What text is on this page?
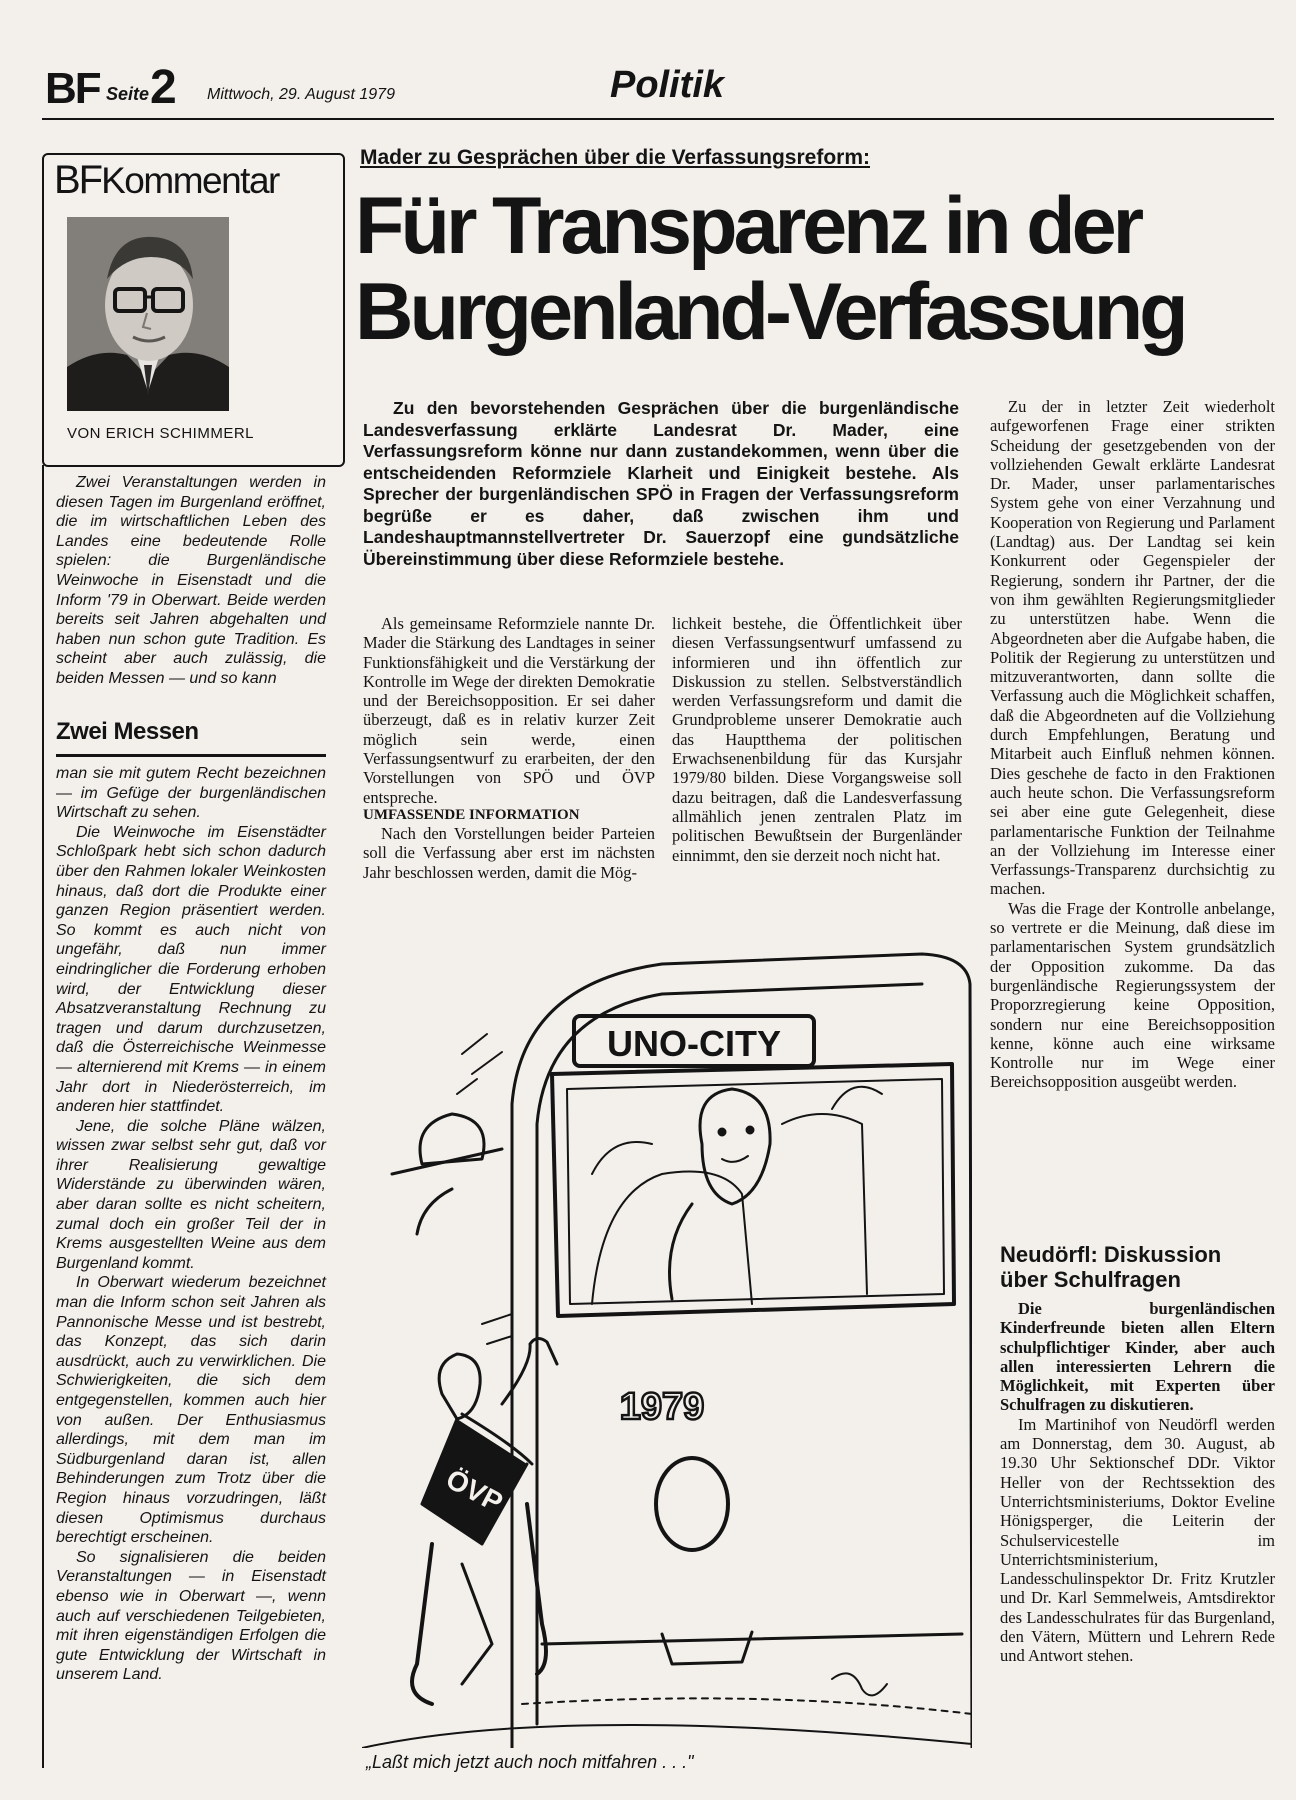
BF Seite 2 Mittwoch, 29. August 1979	Politik
BFKommentar
VON ERICH SCHIMMERL

Zwei Veranstaltungen werden in diesen Tagen im Burgenland eröffnet, die im wirtschaftlichen Leben des Landes eine bedeutende Rolle spielen: die Burgenländische Weinwoche in Eisenstadt und die Inform '79 in Oberwart. Beide werden bereits seit Jahren abgehalten und haben nun schon gute Tradition. Es scheint aber auch zulässig, die beiden Messen — und so kann

Zwei Messen

man sie mit gutem Recht bezeichnen — im Gefüge der burgenländischen Wirtschaft zu sehen.

Die Weinwoche im Eisenstädter Schloßpark hebt sich schon dadurch über den Rahmen lokaler Weinkosten hinaus, daß dort die Produkte einer ganzen Region präsentiert werden. So kommt es auch nicht von ungefähr, daß nun immer eindringlicher die Forderung erhoben wird, der Entwicklung dieser Absatzveranstaltung Rechnung zu tragen und darum durchzusetzen, daß die Österreichische Weinmesse — alternierend mit Krems — in einem Jahr dort in Niederösterreich, im anderen hier stattfindet.

Jene, die solche Pläne wälzen, wissen zwar selbst sehr gut, daß vor ihrer Realisierung gewaltige Widerstände zu überwinden wären, aber daran sollte es nicht scheitern, zumal doch ein großer Teil der in Krems ausgestellten Weine aus dem Burgenland kommt.

In Oberwart wiederum bezeichnet man die Inform schon seit Jahren als Pannonische Messe und ist bestrebt, das Konzept, das sich darin ausdrückt, auch zu verwirklichen. Die Schwierigkeiten, die sich dem entgegenstellen, kommen auch hier von außen. Der Enthusiasmus allerdings, mit dem man im Südburgenland daran ist, allen Behinderungen zum Trotz über die Region hinaus vorzudringen, läßt diesen Optimismus durchaus berechtigt erscheinen.

So signalisieren die beiden Veranstaltungen — in Eisenstadt ebenso wie in Oberwart —, wenn auch auf verschiedenen Teilgebieten, mit ihren eigenständigen Erfolgen die gute Entwicklung der Wirtschaft in unserem Land.

Mader zu Gesprächen über die Verfassungsreform:
Für Transparenz in der
Burgenland-Verfassung

Zu den bevorstehenden Gesprächen über die burgenländische Landesverfassung erklärte Landesrat Dr. Mader, eine Verfassungsreform könne nur dann zustandekommen, wenn über die entscheidenden Reformziele Klarheit und Einigkeit bestehe. Als Sprecher der burgenländischen SPÖ in Fragen der Verfassungsreform begrüße er es daher, daß zwischen ihm und Landeshauptmannstellvertreter Dr. Sauerzopf eine gundsätzliche Übereinstimmung über diese Reformziele bestehe.

Als gemeinsame Reformziele nannte Dr. Mader die Stärkung des Landtages in seiner Funktionsfähigkeit und die Verstärkung der Kontrolle im Wege der direkten Demokratie und der Bereichsopposition. Er sei daher überzeugt, daß es in relativ kurzer Zeit möglich sein werde, einen Verfassungsentwurf zu erarbeiten, der den Vorstellungen von SPÖ und ÖVP entspreche.

UMFASSENDE INFORMATION

Nach den Vorstellungen beider Parteien soll die Verfassung aber erst im nächsten Jahr beschlossen werden, damit die Mög-

lichkeit bestehe, die Öffentlichkeit über diesen Verfassungsentwurf umfassend zu informieren und ihn öffentlich zur Diskussion zu stellen. Selbstverständlich werden Verfassungsreform und damit die Grundprobleme unserer Demokratie auch das Hauptthema der politischen Erwachsenenbildung für das Kursjahr 1979/80 bilden. Diese Vorgangsweise soll dazu beitragen, daß die Landesverfassung allmählich jenen zentralen Platz im politischen Bewußtsein der Burgenländer einnimmt, den sie derzeit noch nicht hat.

Zu der in letzter Zeit wiederholt aufgeworfenen Frage einer strikten Scheidung der gesetzgebenden von der vollziehenden Gewalt erklärte Landesrat Dr. Mader, unser parlamentarisches System gehe von einer Verzahnung und Kooperation von Regierung und Parlament (Landtag) aus. Der Landtag sei kein Konkurrent oder Gegenspieler der Regierung, sondern ihr Partner, der die von ihm gewählten Regierungsmitglieder zu unterstützen habe. Wenn die Abgeordneten aber die Aufgabe haben, die Politik der Regierung zu unterstützen und mitzuverantworten, dann sollte die Verfassung auch die Möglichkeit schaffen, daß die Abgeordneten auf die Vollziehung durch Empfehlungen, Beratung und Mitarbeit auch Einfluß nehmen können. Dies geschehe de facto in den Fraktionen auch heute schon. Die Verfassungsreform sei aber eine gute Gelegenheit, diese parlamentarische Funktion der Teilnahme an der Vollziehung im Interesse einer Verfassungs-Transparenz durchsichtig zu machen.

Was die Frage der Kontrolle anbelange, so vertrete er die Meinung, daß diese im parlamentarischen System grundsätzlich der Opposition zukomme. Da das burgenländische Regierungssystem der Proporzregierung keine Opposition, sondern nur eine Bereichsopposition kenne, könne auch eine wirksame Kontrolle nur im Wege einer Bereichsopposition ausgeübt werden.

Neudörfl: Diskussion über Schulfragen

Die burgenländischen Kinderfreunde bieten allen Eltern schulpflichtiger Kinder, aber auch allen interessierten Lehrern die Möglichkeit, mit Experten über Schulfragen zu diskutieren.

Im Martinihof von Neudörfl werden am Donnerstag, dem 30. August, ab 19.30 Uhr Sektionschef DDr. Viktor Heller von der Rechtssektion des Unterrichtsministeriums, Doktor Eveline Hönigsperger, die Leiterin der Schulservicestelle im Unterrichtsministerium, Landesschulinspektor Dr. Fritz Krutzler und Dr. Karl Semmelweis, Amtsdirektor des Landesschulrates für das Burgenland, den Vätern, Müttern und Lehrern Rede und Antwort stehen.

UNO-CITY
1979
ÖVP
„Laßt mich jetzt auch noch mitfahren . . ."
